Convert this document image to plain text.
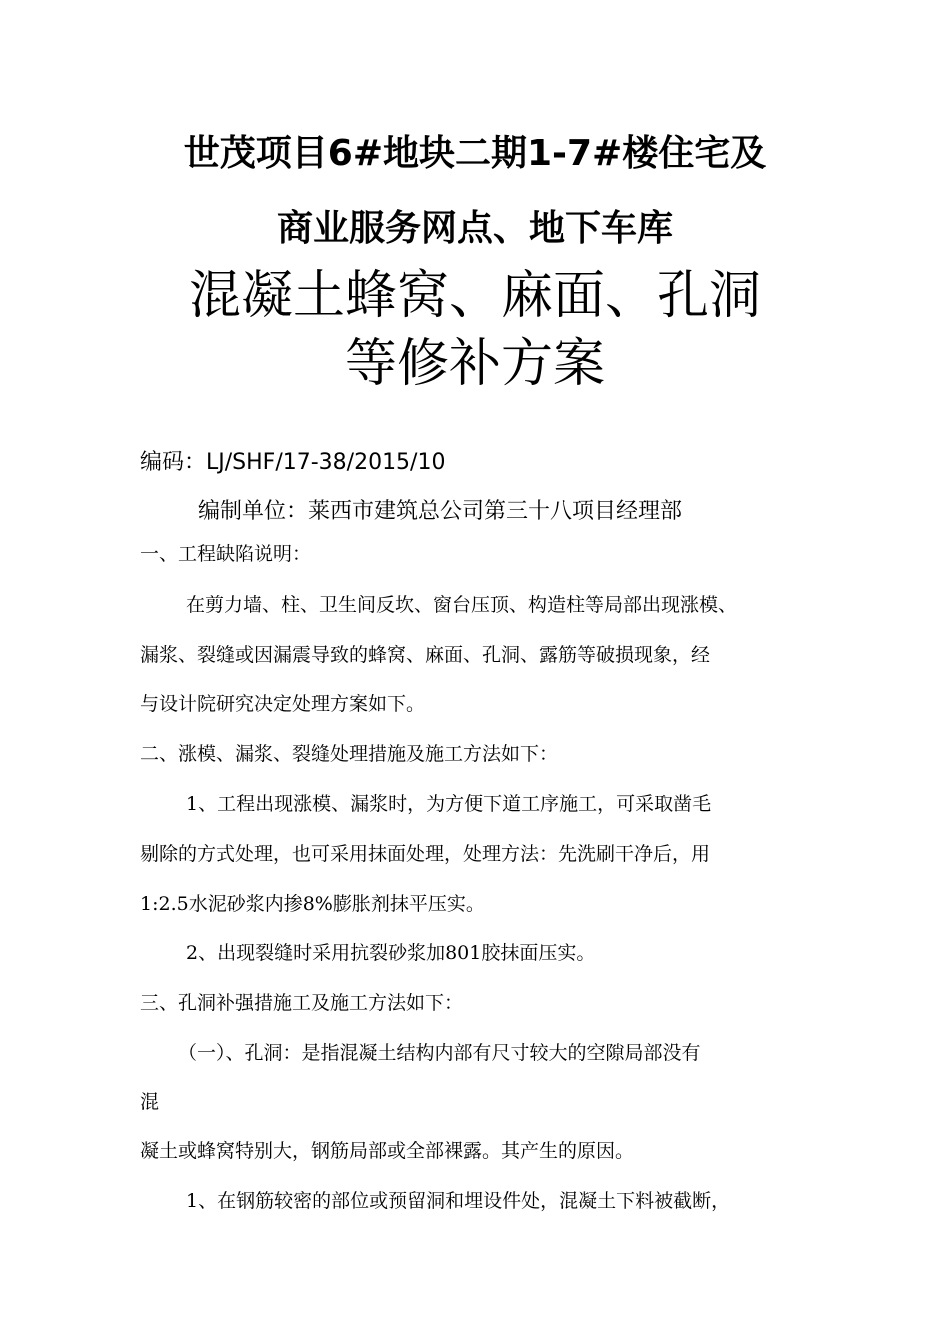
世茂项目6#地块二期1-7#楼住宅及
商业服务网点、地下车库
混凝土蜂窝、麻面、孔洞
等修补方案
编码：LJ/SHF/17-38/2015/10
编制单位：莱西市建筑总公司第三十八项目经理部
一、工程缺陷说明：
在剪力墙、柱、卫生间反坎、窗台压顶、构造柱等局部出现涨模、
漏浆、裂缝或因漏震导致的蜂窝、麻面、孔洞、露筋等破损现象，经
与设计院研究决定处理方案如下。
二、涨模、漏浆、裂缝处理措施及施工方法如下：
1、工程出现涨模、漏浆时，为方便下道工序施工，可采取凿毛
剔除的方式处理，也可采用抹面处理，处理方法：先洗刷干净后，用
1:2.5水泥砂浆内掺8%膨胀剂抹平压实。
2、出现裂缝时采用抗裂砂浆加801胶抹面压实。
三、孔洞补强措施工及施工方法如下：
（一）、孔洞：是指混凝土结构内部有尺寸较大的空隙局部没有
混
凝土或蜂窝特别大，钢筋局部或全部裸露。其产生的原因。
1、在钢筋较密的部位或预留洞和埋设件处，混凝土下料被截断，
